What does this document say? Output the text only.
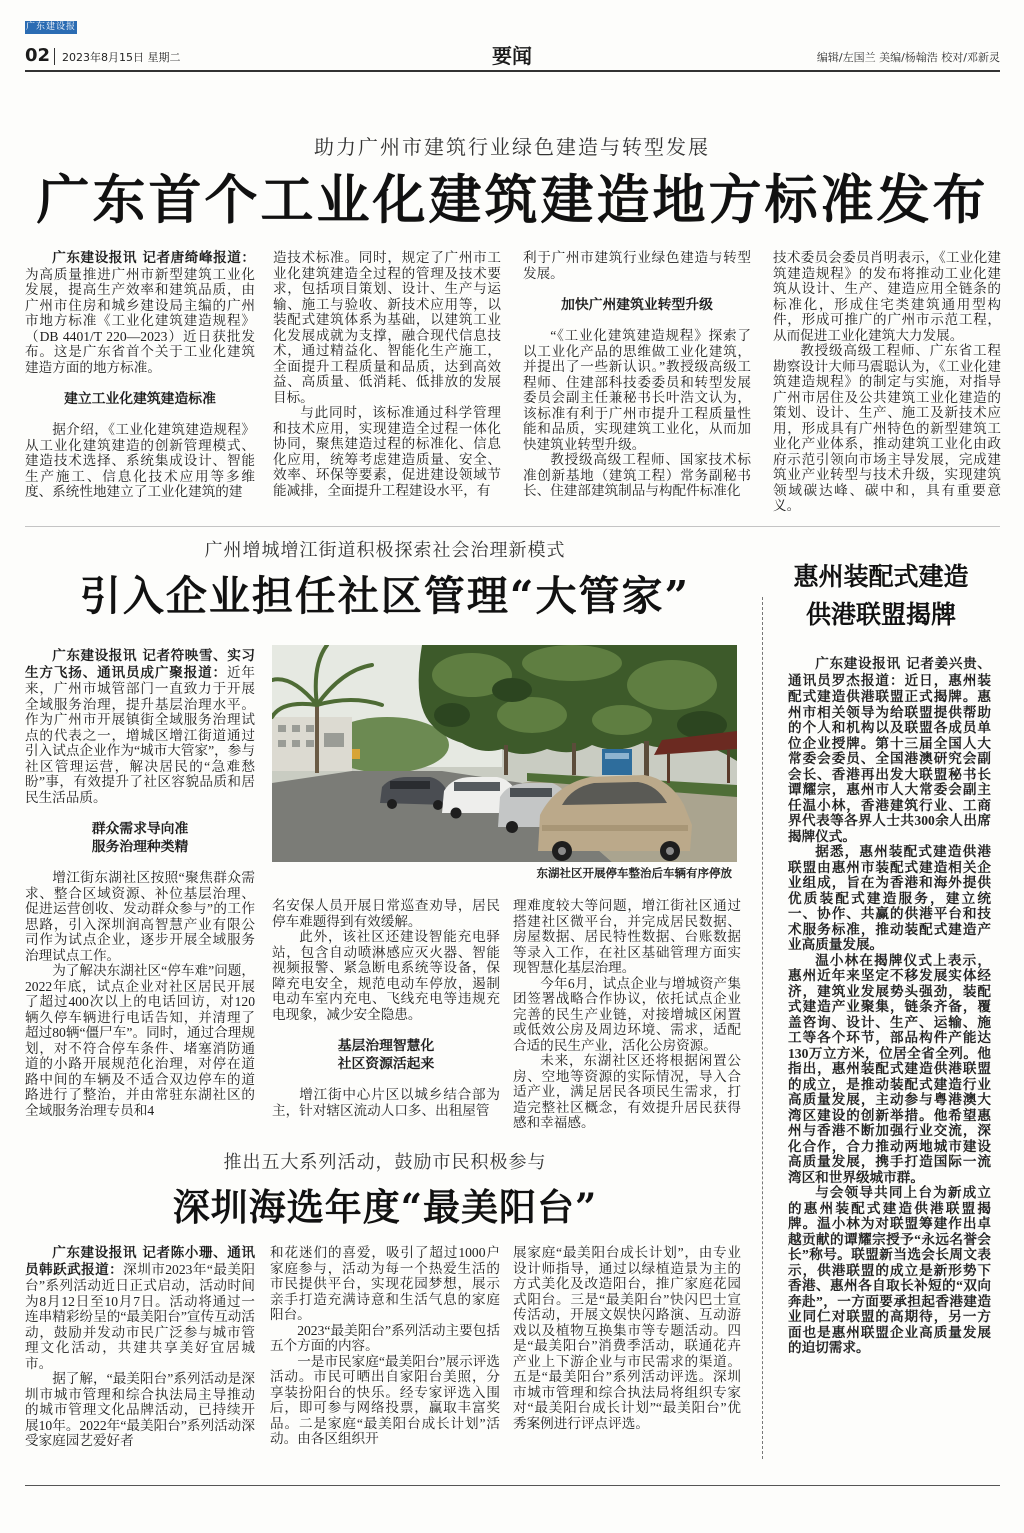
广东建设报
02 2023年8月15日 星期二	要闻	编辑/左国兰 美编/杨翰浩 校对/邓新灵
助力广州市建筑行业绿色建造与转型发展
广东首个工业化建筑建造地方标准发布

广东建设报讯 记者唐绮峰报道：为高质量推进广州市新型建筑工业化发展，提高生产效率和建筑品质，由广州市住房和城乡建设局主编的广州市地方标准《工业化建筑建造规程》（DB 4401/T 220—2023）近日获批发布。这是广东省首个关于工业化建筑建造方面的地方标准。

建立工业化建筑建造标准

据介绍，《工业化建筑建造规程》从工业化建筑建造的创新管理模式、建造技术选择、系统集成设计、智能生产施工、信息化技术应用等多维度、系统性地建立了工业化建筑的建

造技术标准。同时，规定了广州市工业化建筑建造全过程的管理及技术要求，包括项目策划、设计、生产与运输、施工与验收、新技术应用等，以装配式建筑体系为基础，以建筑工业化发展成就为支撑，融合现代信息技术，通过精益化、智能化生产施工，全面提升工程质量和品质，达到高效益、高质量、低消耗、低排放的发展目标。

与此同时，该标准通过科学管理和技术应用，实现建造全过程一体化协同，聚焦建造过程的标准化、信息化应用，统筹考虑建造质量、安全、效率、环保等要素，促进建设领域节能减排，全面提升工程建设水平，有

利于广州市建筑行业绿色建造与转型发展。

加快广州建筑业转型升级

“《工业化建筑建造规程》探索了以工业化产品的思维做工业化建筑，并提出了一些新认识。”教授级高级工程师、住建部科技委委员和转型发展委员会副主任兼秘书长叶浩文认为，该标准有利于广州市提升工程质量性能和品质，实现建筑工业化，从而加快建筑业转型升级。

教授级高级工程师、国家技术标准创新基地（建筑工程）常务副秘书长、住建部建筑制品与构配件标准化

技术委员会委员肖明表示，《工业化建筑建造规程》的发布将推动工业化建筑从设计、生产、建造应用全链条的标准化，形成住宅类建筑通用型构件，形成可推广的广州市示范工程，从而促进工业化建筑大力发展。

教授级高级工程师、广东省工程勘察设计大师马震聪认为，《工业化建筑建造规程》的制定与实施，对指导广州市居住及公共建筑工业化建造的策划、设计、生产、施工及新技术应用，形成具有广州特色的新型建筑工业化产业体系，推动建筑工业化由政府示范引领向市场主导发展，完成建筑业产业转型与技术升级，实现建筑领域碳达峰、碳中和，具有重要意义。

广州增城增江街道积极探索社会治理新模式
引入企业担任社区管理“大管家”

广东建设报讯 记者符映雪、实习生方飞扬、通讯员成广聚报道：近年来，广州市城管部门一直致力于开展全域服务治理，提升基层治理水平。作为广州市开展镇街全域服务治理试点的代表之一，增城区增江街道通过引入试点企业作为“城市大管家”，参与社区管理运营，解决居民的“急难愁盼”事，有效提升了社区容貌品质和居民生活品质。

群众需求导向准
服务治理种类精

增江街东湖社区按照“聚焦群众需求、整合区域资源、补位基层治理、促进运营创收、发动群众参与”的工作思路，引入深圳润高智慧产业有限公司作为试点企业，逐步开展全域服务治理试点工作。

为了解决东湖社区“停车难”问题，2022年底，试点企业对社区居民开展了超过400次以上的电话回访，对120辆久停车辆进行电话告知，并清理了超过80辆“僵尸车”。同时，通过合理规划，对不符合停车条件、堵塞消防通道的小路开展规范化治理，对停在道路中间的车辆及不适合双边停车的道路进行了整治，并由常驻东湖社区的全域服务治理专员和4

东湖社区开展停车整治后车辆有序停放

名安保人员开展日常巡查劝导，居民停车难题得到有效缓解。

此外，该社区还建设智能充电驿站，包含自动喷淋感应灭火器、智能视频报警、紧急断电系统等设备，保障充电安全，规范电动车停放，遏制电动车室内充电、飞线充电等违规充电现象，减少安全隐患。

基层治理智慧化
社区资源活起来

增江街中心片区以城乡结合部为主，针对辖区流动人口多、出租屋管

理难度较大等问题，增江街社区通过搭建社区微平台，并完成居民数据、房屋数据、居民特性数据、台账数据等录入工作，在社区基础管理方面实现智慧化基层治理。

今年6月，试点企业与增城资产集团签署战略合作协议，依托试点企业完善的民生产业链，对接增城区闲置或低效公房及周边环境、需求，适配合适的民生产业，活化公房资源。

未来，东湖社区还将根据闲置公房、空地等资源的实际情况，导入合适产业，满足居民各项民生需求，打造完整社区概念，有效提升居民获得感和幸福感。

惠州装配式建造
供港联盟揭牌

广东建设报讯 记者姜兴贵、通讯员罗杰报道：近日，惠州装配式建造供港联盟正式揭牌。惠州市相关领导为给联盟提供帮助的个人和机构以及联盟各成员单位企业授牌。第十三届全国人大常委会委员、全国港澳研究会副会长、香港再出发大联盟秘书长谭耀宗，惠州市人大常委会副主任温小林，香港建筑行业、工商界代表等各界人士共300余人出席揭牌仪式。

据悉，惠州装配式建造供港联盟由惠州市装配式建造相关企业组成，旨在为香港和海外提供优质装配式建造服务，建立统一、协作、共赢的供港平台和技术服务标准，推动装配式建造产业高质量发展。

温小林在揭牌仪式上表示，惠州近年来坚定不移发展实体经济，建筑业发展势头强劲，装配式建造产业聚集，链条齐备，覆盖咨询、设计、生产、运输、施工等各个环节，部品构件产能达130万立方米，位居全省全列。他指出，惠州装配式建造供港联盟的成立，是推动装配式建造行业高质量发展，主动参与粤港澳大湾区建设的创新举措。他希望惠州与香港不断加强行业交流，深化合作，合力推动两地城市建设高质量发展，携手打造国际一流湾区和世界级城市群。

与会领导共同上台为新成立的惠州装配式建造供港联盟揭牌。温小林为对联盟筹建作出卓越贡献的谭耀宗授予“永远名誉会长”称号。联盟新当选会长周文表示，供港联盟的成立是新形势下香港、惠州各自取长补短的“双向奔赴”，一方面要承担起香港建造业同仁对联盟的高期待，另一方面也是惠州联盟企业高质量发展的迫切需求。

推出五大系列活动，鼓励市民积极参与
深圳海选年度“最美阳台”

广东建设报讯 记者陈小珊、通讯员韩跃武报道：深圳市2023年“最美阳台”系列活动近日正式启动，活动时间为8月12日至10月7日。活动将通过一连串精彩纷呈的“最美阳台”宣传互动活动，鼓励并发动市民广泛参与城市管理文化活动，共建共享美好宜居城市。

据了解，“最美阳台”系列活动是深圳市城市管理和综合执法局主导推动的城市管理文化品牌活动，已持续开展10年。2022年“最美阳台”系列活动深受家庭园艺爱好者

和花迷们的喜爱，吸引了超过1000户家庭参与，活动为每一个热爱生活的市民提供平台，实现花园梦想，展示亲手打造充满诗意和生活气息的家庭阳台。

2023“最美阳台”系列活动主要包括五个方面的内容。

一是市民家庭“最美阳台”展示评选活动。市民可晒出自家阳台美照，分享装扮阳台的快乐。经专家评选入围后，即可参与网络投票，赢取丰富奖品。二是家庭“最美阳台成长计划”活动。由各区组织开

展家庭“最美阳台成长计划”，由专业设计师指导，通过以绿植造景为主的方式美化及改造阳台，推广家庭花园式阳台。三是“最美阳台”快闪巴士宣传活动，开展文娱快闪路演、互动游戏以及植物互换集市等专题活动。四是“最美阳台”消费季活动，联通花卉产业上下游企业与市民需求的渠道。五是“最美阳台”系列活动评选。深圳市城市管理和综合执法局将组织专家对“最美阳台成长计划”“最美阳台”优秀案例进行评点评选。
